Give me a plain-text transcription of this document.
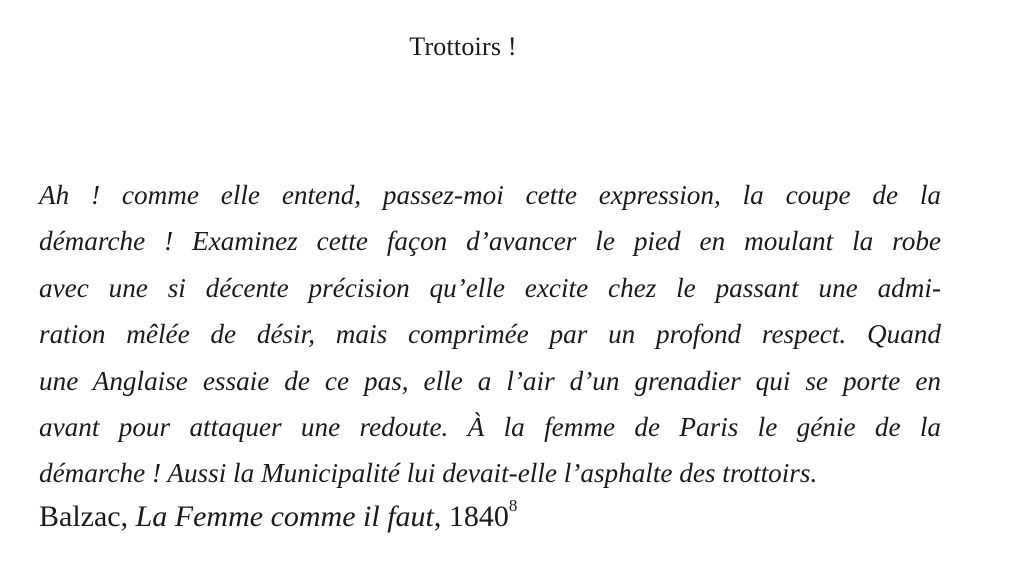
Trottoirs !

Ah ! comme elle entend, passez-moi cette expression, la coupe de la
démarche ! Examinez cette façon d’avancer le pied en moulant la robe
avec une si décente précision qu’elle excite chez le passant une admi-
ration mêlée de désir, mais comprimée par un profond respect. Quand
une Anglaise essaie de ce pas, elle a l’air d’un grenadier qui se porte en
avant pour attaquer une redoute. À la femme de Paris le génie de la
démarche ! Aussi la Municipalité lui devait-elle l’asphalte des trottoirs.

Balzac, La Femme comme il faut, 1840$^8$
